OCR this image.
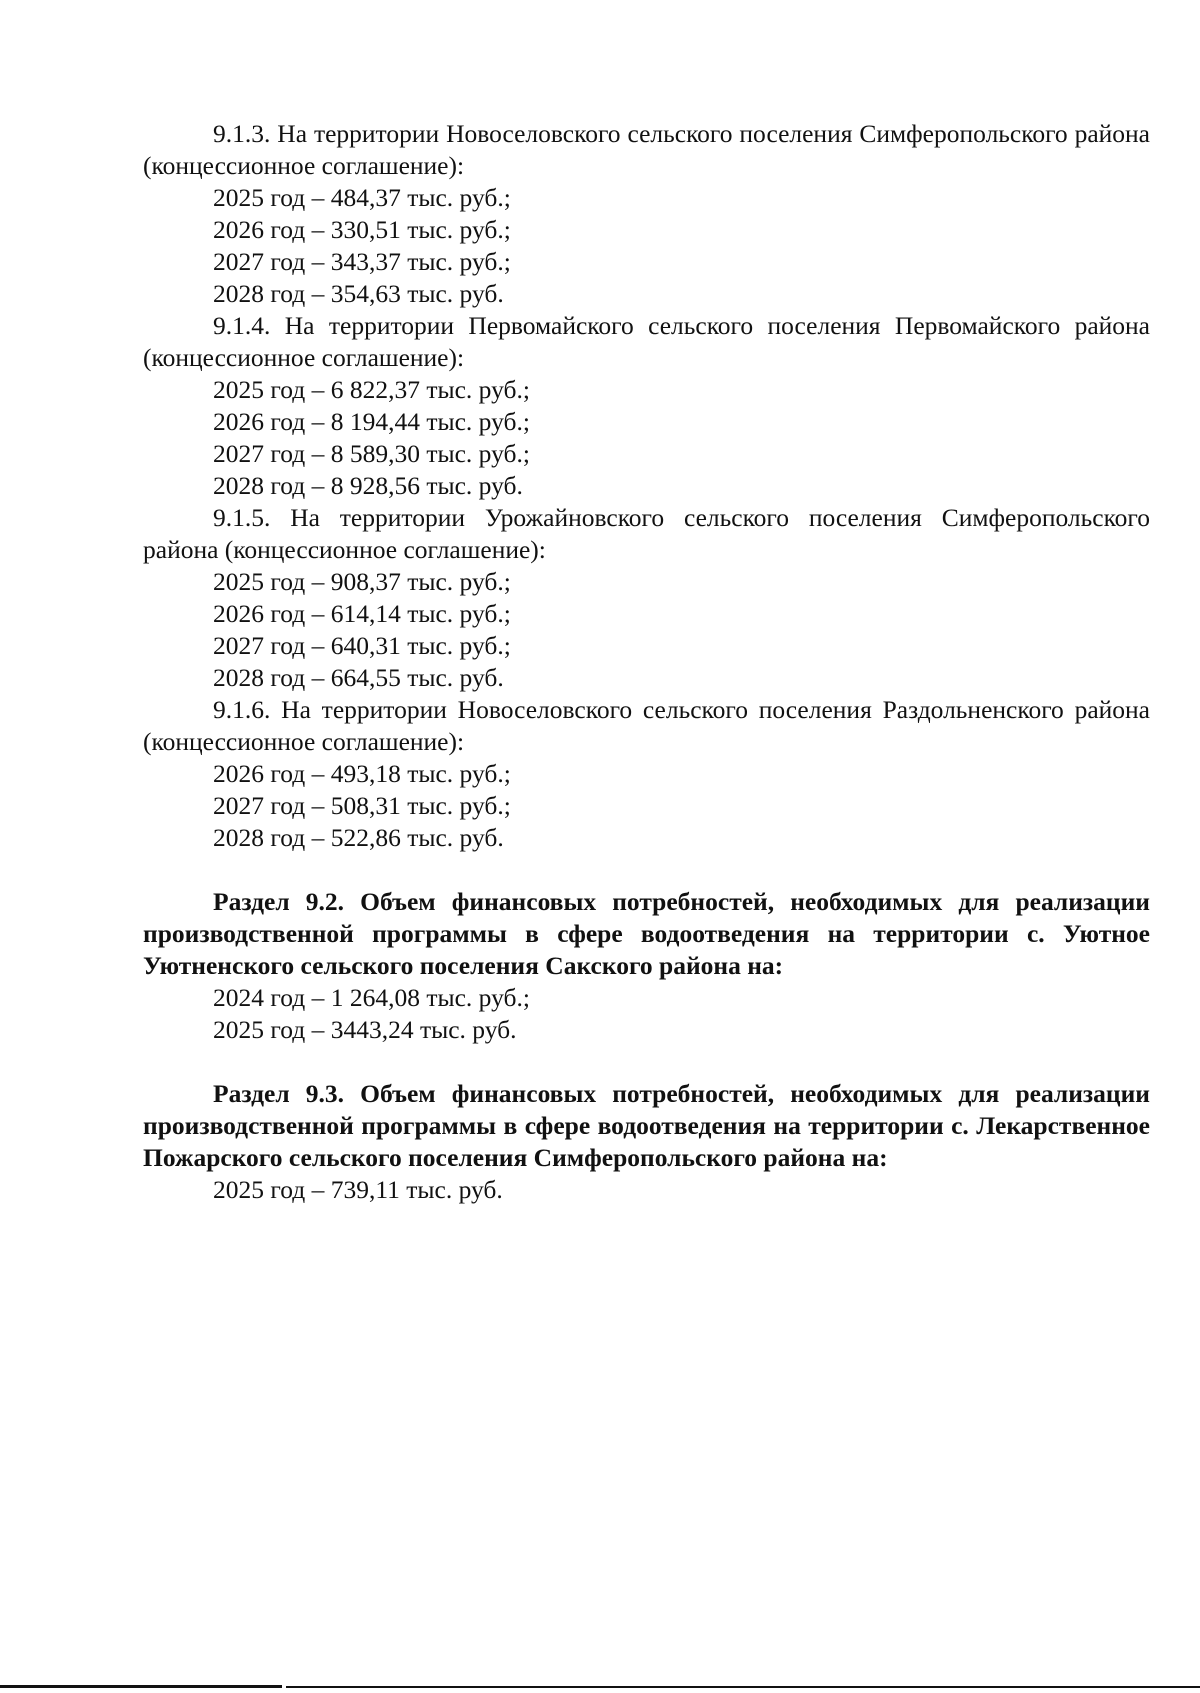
9.1.3. На территории Новоселовского сельского поселения Симферопольского района (концессионное соглашение):

2025 год – 484,37 тыс. руб.;

2026 год – 330,51 тыс. руб.;

2027 год – 343,37 тыс. руб.;

2028 год – 354,63 тыс. руб.

9.1.4. На территории Первомайского сельского поселения Первомайского района (концессионное соглашение):

2025 год – 6 822,37 тыс. руб.;

2026 год – 8 194,44 тыс. руб.;

2027 год – 8 589,30 тыс. руб.;

2028 год – 8 928,56 тыс. руб.

9.1.5. На территории Урожайновского сельского поселения Симферопольского района (концессионное соглашение):

2025 год – 908,37 тыс. руб.;

2026 год – 614,14 тыс. руб.;

2027 год – 640,31 тыс. руб.;

2028 год – 664,55 тыс. руб.

9.1.6. На территории Новоселовского сельского поселения Раздольненского района (концессионное соглашение):

2026 год – 493,18 тыс. руб.;

2027 год – 508,31 тыс. руб.;

2028 год – 522,86 тыс. руб.

Раздел 9.2. Объем финансовых потребностей, необходимых для реализации производственной программы в сфере водоотведения на территории с. Уютное Уютненского сельского поселения Сакского района на:

2024 год – 1 264,08 тыс. руб.;

2025 год – 3443,24 тыс. руб.

Раздел 9.3. Объем финансовых потребностей, необходимых для реализации производственной программы в сфере водоотведения на территории с. Лекарственное Пожарского сельского поселения Симферопольского района на:

2025 год – 739,11 тыс. руб.
